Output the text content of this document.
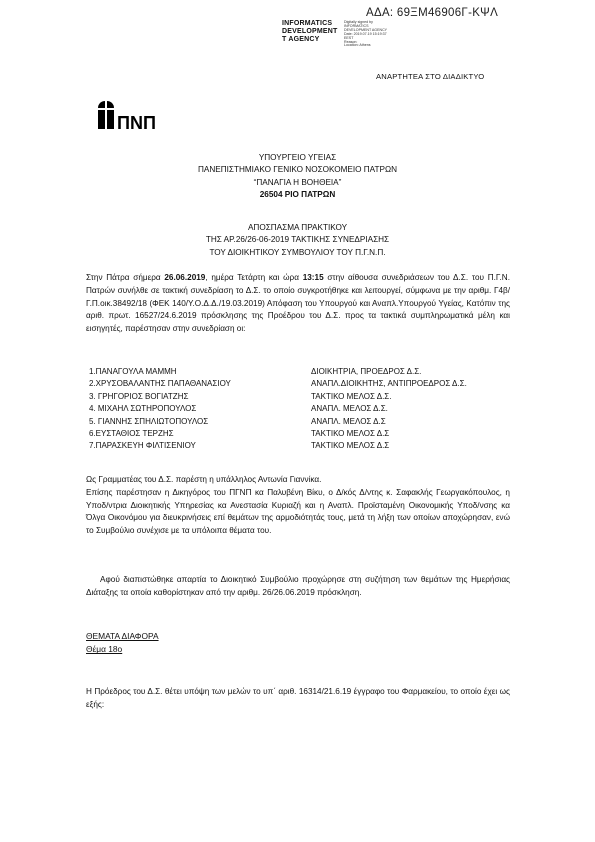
ΑΔΑ: 69ΞΜ46906Γ-ΚΨΛ
INFORMATICS
DEVELOPMENT
T AGENCY
Digitally signed by
INFORMATICS
DEVELOPMENT AGENCY
Date: 2019.07.19 15:19:37
EEST
Reason:
Location: Athens
ΑΝΑΡΤΗΤΕΑ ΣΤΟ ΔΙΑΔΙΚΤΥΟ
ΠΝΠ
ΥΠΟΥΡΓΕΙΟ ΥΓΕΙΑΣ
ΠΑΝΕΠΙΣΤΗΜΙΑΚΟ ΓΕΝΙΚΟ ΝΟΣΟΚΟΜΕΙΟ ΠΑΤΡΩΝ
“ΠΑΝΑΓΙΑ Η ΒΟΗΘΕΙΑ”
26504 ΡΙΟ ΠΑΤΡΩΝ
ΑΠΟΣΠΑΣΜΑ ΠΡΑΚΤΙΚΟΥ
ΤΗΣ ΑΡ.26/26-06-2019 ΤΑΚΤΙΚΗΣ ΣΥΝΕΔΡΙΑΣΗΣ
ΤΟΥ ΔΙΟΙΚΗΤΙΚΟΥ ΣΥΜΒΟΥΛΙΟΥ ΤΟΥ Π.Γ.Ν.Π.
Στην Πάτρα σήμερα 26.06.2019, ημέρα Τετάρτη και ώρα 13:15 στην αίθουσα συνεδριάσεων του Δ.Σ. του Π.Γ.Ν. Πατρών συνήλθε σε τακτική συνεδρίαση το Δ.Σ. το οποίο συγκροτήθηκε και λειτουργεί, σύμφωνα με την αριθμ. Γ4β/Γ.Π.οικ.38492/18 (ΦΕΚ 140/Υ.Ο.Δ.Δ./19.03.2019) Απόφαση του Υπουργού και Αναπλ.Υπουργού Υγείας, Κατόπιν της αριθ. πρωτ. 16527/24.6.2019 πρόσκλησης της Προέδρου του Δ.Σ. προς τα τακτικά συμπληρωματικά μέλη και εισηγητές, παρέστησαν στην συνεδρίαση οι:
1.ΠΑΝΑΓΟΥΛΑ ΜΑΜΜΗ	ΔΙΟΙΚΗΤΡΙΑ, ΠΡΟΕΔΡΟΣ Δ.Σ.
2.ΧΡΥΣΟΒΑΛΑΝΤΗΣ ΠΑΠΑΘΑΝΑΣΙΟΥ	ΑΝΑΠΛ.ΔΙΟΙΚΗΤΗΣ, ΑΝΤΙΠΡΟΕΔΡΟΣ Δ.Σ.
3. ΓΡΗΓΟΡΙΟΣ ΒΟΓΙΑΤΖΗΣ	ΤΑΚΤΙΚΟ ΜΕΛΟΣ Δ.Σ.
4. ΜΙΧΑΗΛ ΣΩΤΗΡΟΠΟΥΛΟΣ	ΑΝΑΠΛ. ΜΕΛΟΣ Δ.Σ.
5. ΓΙΑΝΝΗΣ ΣΠΗΛΙΩΤΟΠΟΥΛΟΣ	ΑΝΑΠΛ. ΜΕΛΟΣ Δ.Σ
6.ΕΥΣΤΑΘΙΟΣ ΤΕΡΖΗΣ	ΤΑΚΤΙΚΟ ΜΕΛΟΣ Δ.Σ
7.ΠΑΡΑΣΚΕΥΗ ΦΙΛΤΙΣΕΝΙΟΥ	ΤΑΚΤΙΚΟ ΜΕΛΟΣ Δ.Σ
Ως Γραμματέας του Δ.Σ. παρέστη η υπάλληλος Αντωνία Γιαννίκα.
Επίσης παρέστησαν η Δικηγόρος του ΠΓΝΠ κα Παλυβένη Βίκυ, ο Δ/κός Δ/ντης κ. Σαφακλής Γεωργακόπουλος, η Υποδ/ντρια Διοικητικής Υπηρεσίας κα Ανεστασία Κυριαζή και η Αναπλ. Προϊσταμένη Οικονομικής Υποδ/νσης κα Όλγα Οικονόμου για διευκρινήσεις επί θεμάτων της αρμοδιότητάς τους, μετά τη λήξη των οποίων αποχώρησαν, ενώ το Συμβούλιο συνέχισε με τα υπόλοιπα θέματα του.
Αφού διαπιστώθηκε απαρτία το Διοικητικό Συμβούλιο προχώρησε στη συζήτηση των θεμάτων της Ημερήσιας Διάταξης τα οποία καθορίστηκαν από την αριθμ. 26/26.06.2019 πρόσκληση.
ΘΕΜΑΤΑ ΔΙΑΦΟΡΑ
Θέμα 18ο
Η Πρόεδρος του Δ.Σ. θέτει υπόψη των μελών το υπ΄ αριθ. 16314/21.6.19 έγγραφο του Φαρμακείου, το οποίο έχει ως εξής:
